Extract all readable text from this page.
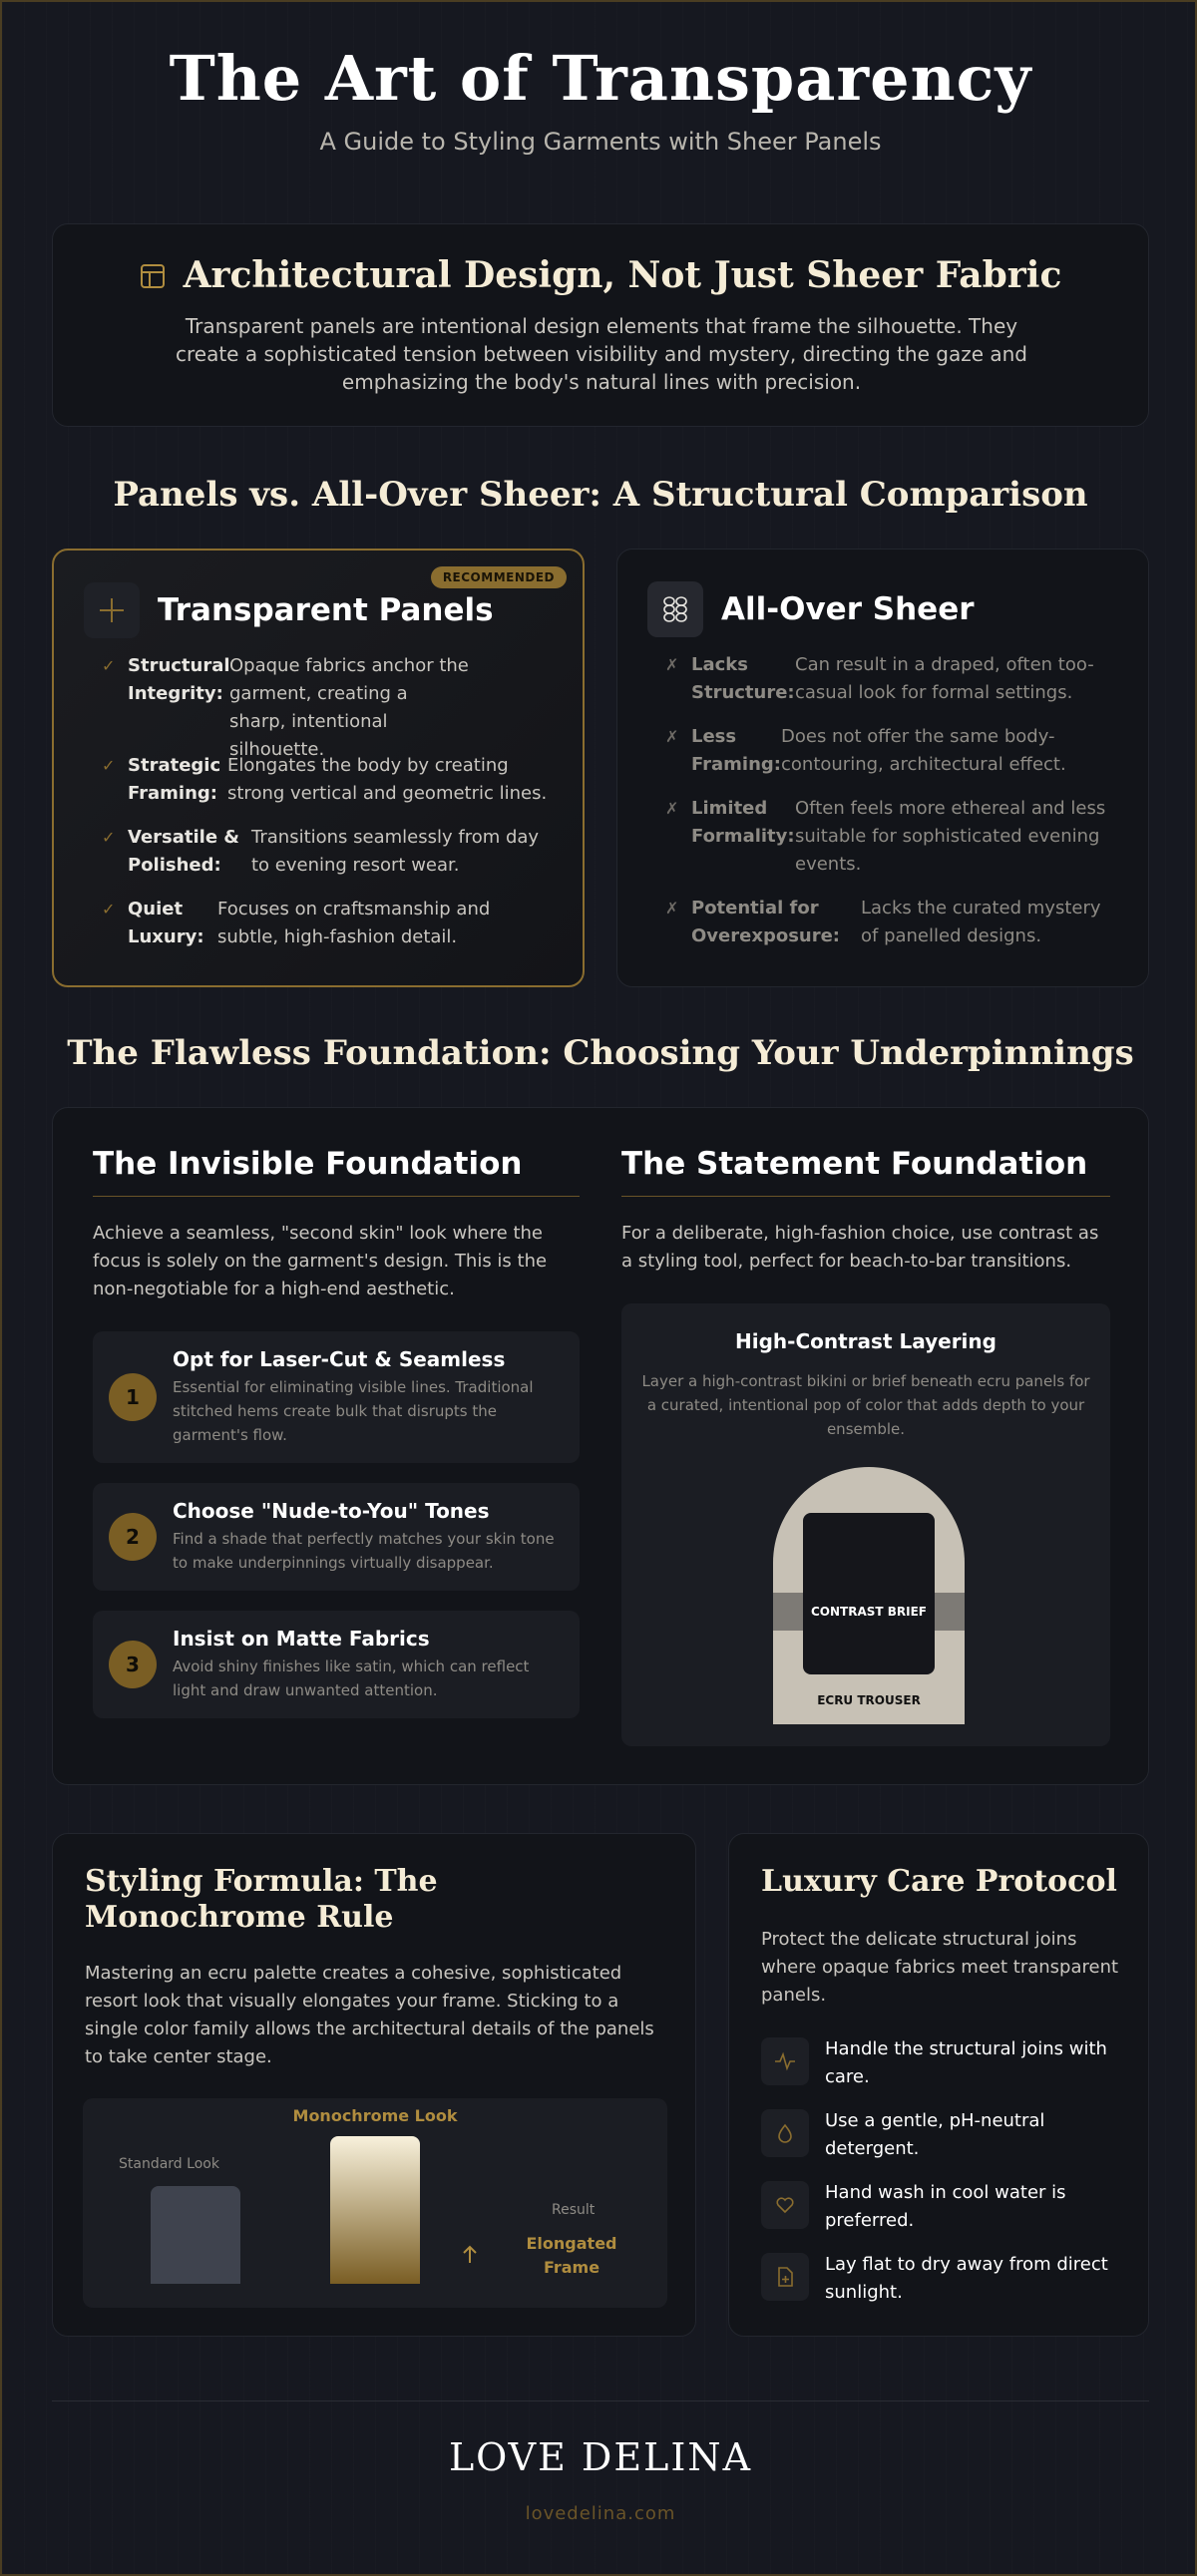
The Art of Transparency
A Guide to Styling Garments with Sheer Panels
Architectural Design, Not Just Sheer Fabric

Transparent panels are intentional design elements that frame the silhouette. They create a sophisticated tension between visibility and mystery, directing the gaze and emphasizing the body's natural lines with precision.

Panels vs. All-Over Sheer: A Structural Comparison
RECOMMENDED
Transparent Panels
✓ Structural Integrity:
Opaque fabrics anchor the garment, creating a sharp, intentional silhouette.
✓ Strategic Framing:
Elongates the body by creating strong vertical and geometric lines.
✓ Versatile & Polished:
Transitions seamlessly from day to evening resort wear.
✓ Quiet Luxury:
Focuses on craftsmanship and subtle, high-fashion detail.
All-Over Sheer
✗ Lacks Structure:
Can result in a draped, often too-casual look for formal settings.
✗ Less Framing:
Does not offer the same body-contouring, architectural effect.
✗ Limited Formality:
Often feels more ethereal and less suitable for sophisticated evening events.
✗ Potential for Overexposure:
Lacks the curated mystery of panelled designs.
The Flawless Foundation: Choosing Your Underpinnings
The Invisible Foundation

Achieve a seamless, "second skin" look where the focus is solely on the garment's design. This is the non-negotiable for a high-end aesthetic.

1
Opt for Laser-Cut & Seamless
Essential for eliminating visible lines. Traditional stitched hems create bulk that disrupts the garment's flow.
2
Choose "Nude-to-You" Tones
Find a shade that perfectly matches your skin tone to make underpinnings virtually disappear.
3
Insist on Matte Fabrics
Avoid shiny finishes like satin, which can reflect light and draw unwanted attention.
The Statement Foundation

For a deliberate, high-fashion choice, use contrast as a styling tool, perfect for beach-to-bar transitions.

High-Contrast Layering
Layer a high-contrast bikini or brief beneath ecru panels for a curated, intentional pop of color that adds depth to your ensemble.
CONTRAST BRIEF
ECRU TROUSER
Styling Formula: The Monochrome Rule

Mastering an ecru palette creates a cohesive, sophisticated resort look that visually elongates your frame. Sticking to a single color family allows the architectural details of the panels to take center stage.

Monochrome Look
Standard Look
Result
Elongated Frame
Luxury Care Protocol

Protect the delicate structural joins where opaque fabrics meet transparent panels.

Handle the structural joins with care.
Use a gentle, pH-neutral detergent.
Hand wash in cool water is preferred.
Lay flat to dry away from direct sunlight.
LOVE DELINA
lovedelina.com
